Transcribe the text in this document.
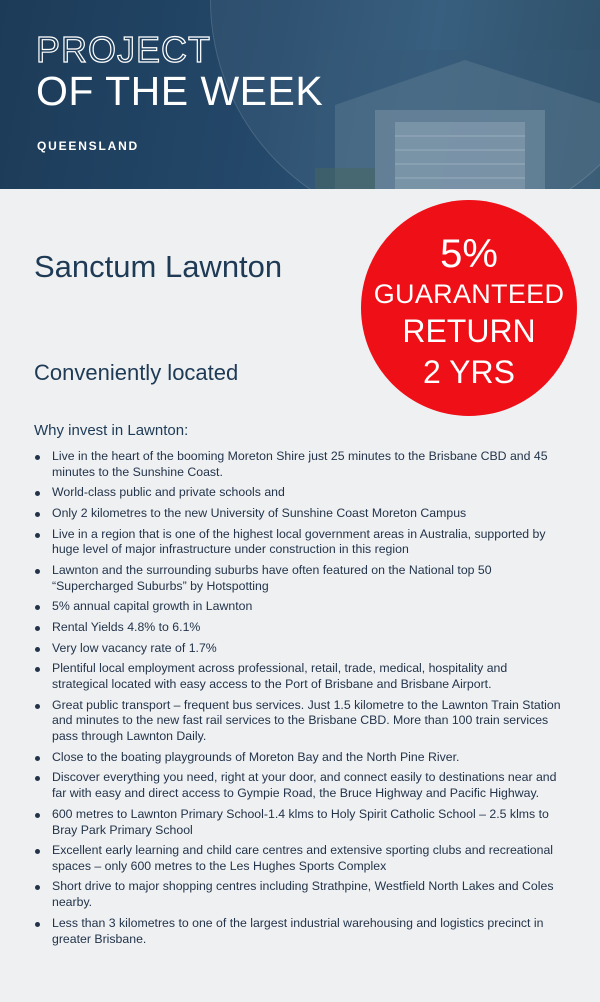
PROJECT
OF THE WEEK
QUEENSLAND
Sanctum Lawnton
Conveniently located
5%
GUARANTEED
RETURN
2 YRS
Why invest in Lawnton:
Live in the heart of the booming Moreton Shire just 25 minutes to the Brisbane CBD and 45 minutes to the Sunshine Coast.
World-class public and private schools and
Only 2 kilometres to the new University of Sunshine Coast Moreton Campus
Live in a region that is one of the highest local government areas in Australia, supported by huge level of major infrastructure under construction in this region
Lawnton and the surrounding suburbs have often featured on the National top 50 “Supercharged Suburbs” by Hotspotting
5% annual capital growth in Lawnton
Rental Yields 4.8% to 6.1%
Very low vacancy rate of 1.7%
Plentiful local employment across professional, retail, trade, medical, hospitality and strategical located with easy access to the Port of Brisbane and Brisbane Airport.
Great public transport – frequent bus services. Just 1.5 kilometre to the Lawnton Train Station and minutes to the new fast rail services to the Brisbane CBD. More than 100 train services pass through Lawnton Daily.
Close to the boating playgrounds of Moreton Bay and the North Pine River.
Discover everything you need, right at your door, and connect easily to destinations near and far with easy and direct access to Gympie Road, the Bruce Highway and Pacific Highway.
600 metres to Lawnton Primary School-1.4 klms to Holy Spirit Catholic School – 2.5 klms to Bray Park Primary School
Excellent early learning and child care centres and extensive sporting clubs and recreational spaces – only 600 metres to the Les Hughes Sports Complex
Short drive to major shopping centres including Strathpine, Westfield North Lakes and Coles nearby.
Less than 3 kilometres to one of the largest industrial warehousing and logistics precinct in greater Brisbane.
